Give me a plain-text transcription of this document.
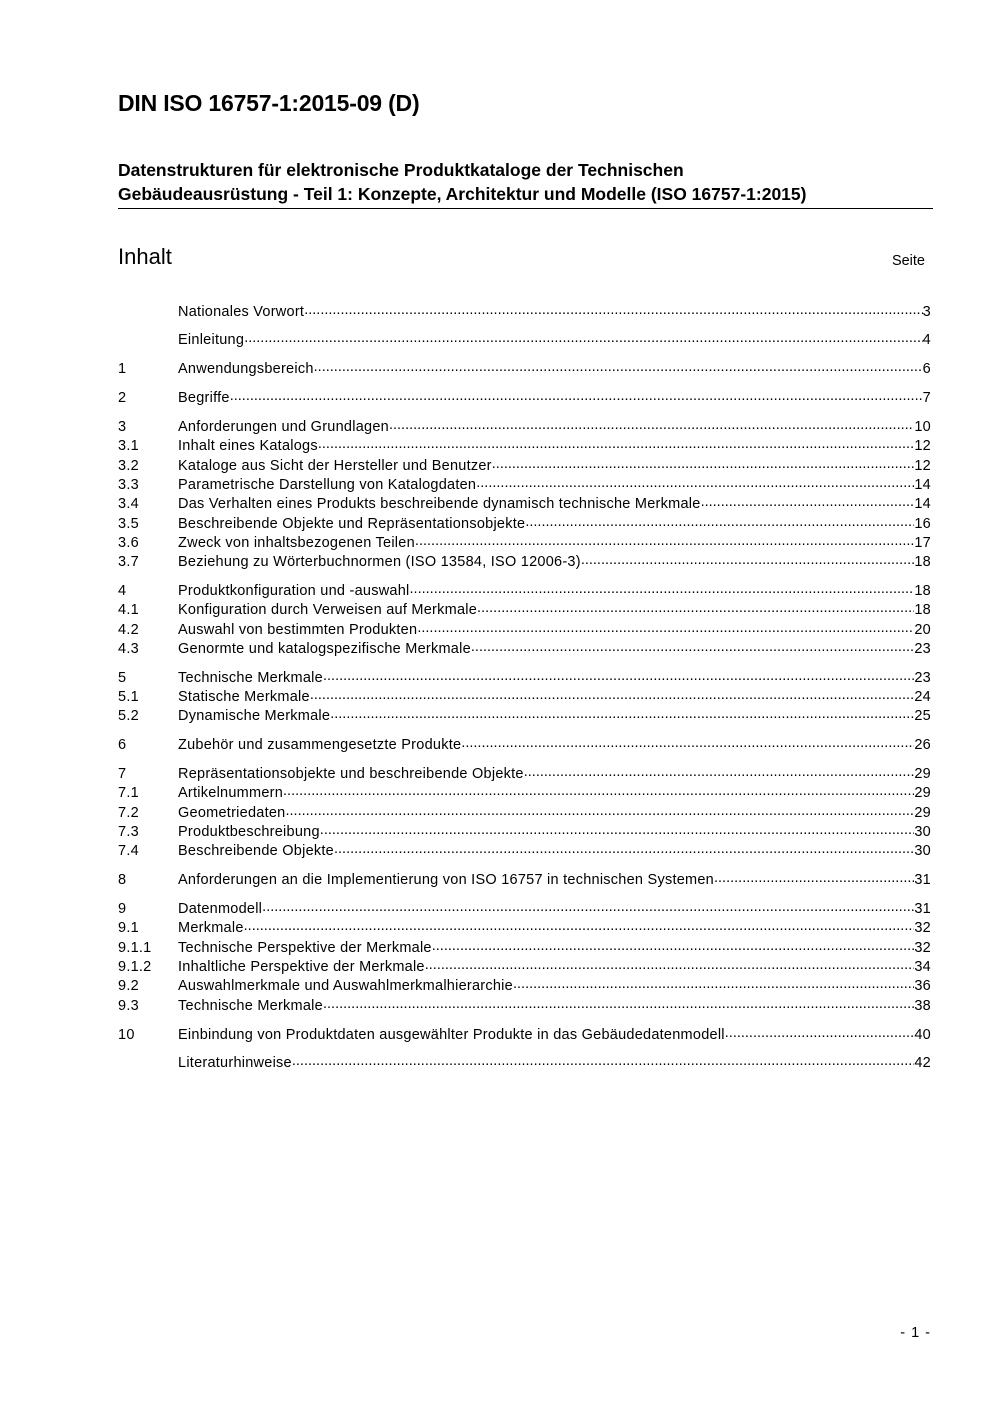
DIN ISO 16757-1:2015-09 (D)
Datenstrukturen für elektronische Produktkataloge der Technischen
Gebäudeausrüstung - Teil 1: Konzepte, Architektur und Modelle (ISO 16757-1:2015)
Inhalt	Seite
Nationales Vorwort .....	3
Einleitung .....	4
1	Anwendungsbereich .....	6
2	Begriffe .....	7
3	Anforderungen und Grundlagen .....	10
3.1	Inhalt eines Katalogs .....	12
3.2	Kataloge aus Sicht der Hersteller und Benutzer .....	12
3.3	Parametrische Darstellung von Katalogdaten .....	14
3.4	Das Verhalten eines Produkts beschreibende dynamisch technische Merkmale .....	14
3.5	Beschreibende Objekte und Repräsentationsobjekte .....	16
3.6	Zweck von inhaltsbezogenen Teilen .....	17
3.7	Beziehung zu Wörterbuchnormen (ISO 13584, ISO 12006-3) .....	18
4	Produktkonfiguration und -auswahl .....	18
4.1	Konfiguration durch Verweisen auf Merkmale .....	18
4.2	Auswahl von bestimmten Produkten .....	20
4.3	Genormte und katalogspezifische Merkmale .....	23
5	Technische Merkmale .....	23
5.1	Statische Merkmale .....	24
5.2	Dynamische Merkmale .....	25
6	Zubehör und zusammengesetzte Produkte .....	26
7	Repräsentationsobjekte und beschreibende Objekte .....	29
7.1	Artikelnummern .....	29
7.2	Geometriedaten .....	29
7.3	Produktbeschreibung .....	30
7.4	Beschreibende Objekte .....	30
8	Anforderungen an die Implementierung von ISO 16757 in technischen Systemen .....	31
9	Datenmodell .....	31
9.1	Merkmale .....	32
9.1.1	Technische Perspektive der Merkmale .....	32
9.1.2	Inhaltliche Perspektive der Merkmale .....	34
9.2	Auswahlmerkmale und Auswahlmerkmalhierarchie .....	36
9.3	Technische Merkmale .....	38
10	Einbindung von Produktdaten ausgewählter Produkte in das Gebäudedatenmodell .....	40
Literaturhinweise .....	42
- 1 -
